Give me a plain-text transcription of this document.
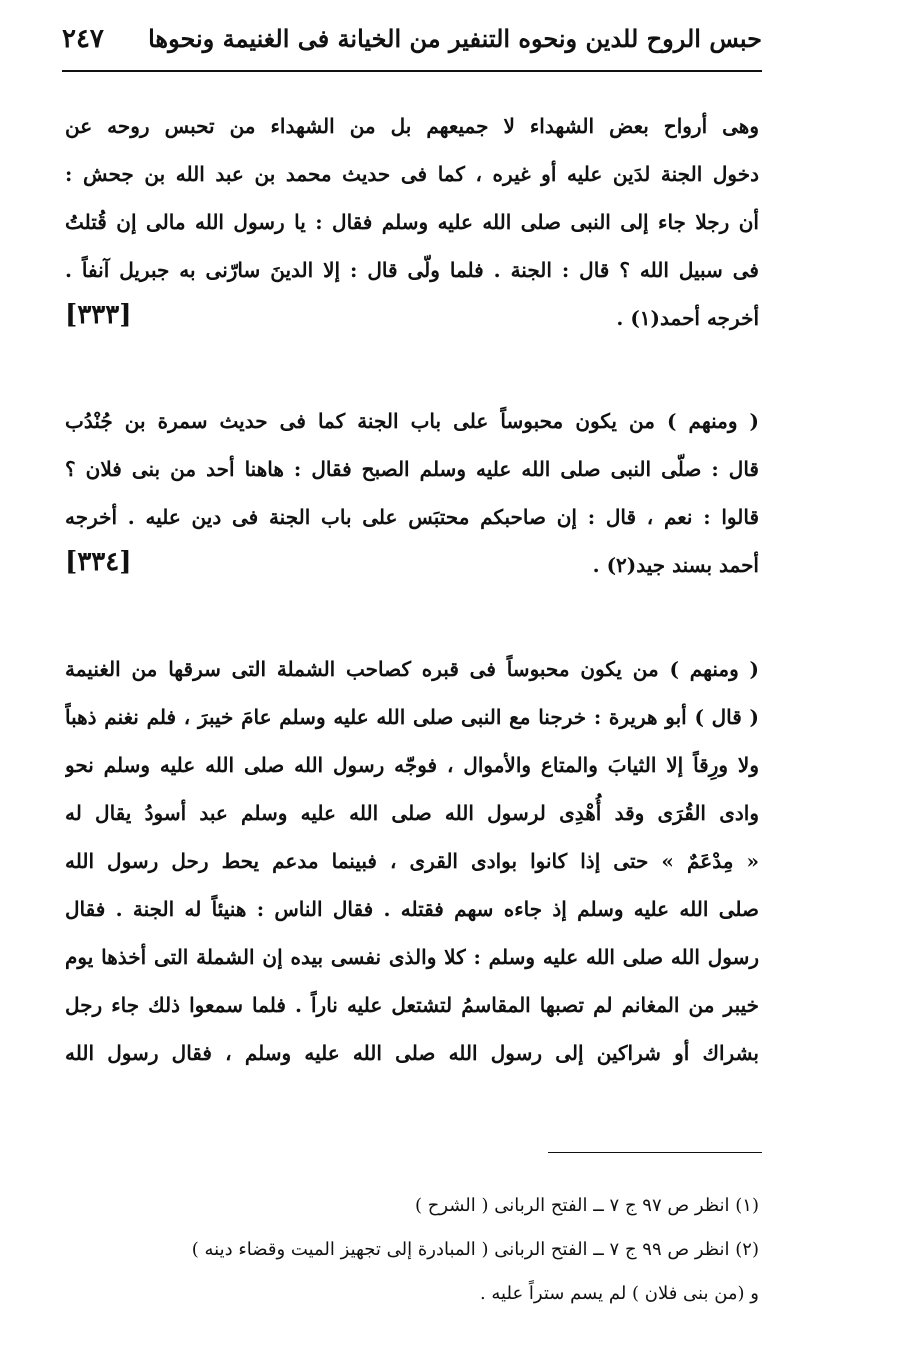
حبس الروح للدين ونحوه التنفير من الخيانة فى الغنيمة ونحوها
٢٤٧
وهى أرواح بعض الشهداء لا جميعهم بل من الشهداء من تحبس روحه عن
دخول الجنة لدَين عليه أو غيره ، كما فى حديث محمد بن عبد الله بن جحش :
أن رجلا جاء إلى النبى صلى الله عليه وسلم فقال : يا رسول الله مالى إن قُتلتُ
فى سبيل الله ؟ قال : الجنة . فلما ولّى قال : إلا الدينَ سارّنى به جبريل آنفاً .
أخرجه أحمد(١) .
[٣٣٣]
( ومنهم ) من يكون محبوساً على باب الجنة كما فى حديث سمرة بن جُنْدُب
قال : صلّى النبى صلى الله عليه وسلم الصبح فقال : هاهنا أحد من بنى فلان ؟
قالوا : نعم ، قال : إن صاحبكم محتبَس على باب الجنة فى دين عليه . أخرجه
أحمد بسند جيد(٢) .
[٣٣٤]
( ومنهم ) من يكون محبوساً فى قبره كصاحب الشملة التى سرقها من الغنيمة
( قال ) أبو هريرة : خرجنا مع النبى صلى الله عليه وسلم عامَ خيبرَ ، فلم نغنم ذهباً
ولا ورِقاً إلا الثيابَ والمتاع والأموال ، فوجّه رسول الله صلى الله عليه وسلم نحو
وادى القُرَى وقد أُهْدِى لرسول الله صلى الله عليه وسلم عبد أسودُ يقال له
« مِدْعَمٌ » حتى إذا كانوا بوادى القرى ، فبينما مدعم يحط رحل رسول الله
صلى الله عليه وسلم إذ جاءه سهم فقتله . فقال الناس : هنيئاً له الجنة . فقال
رسول الله صلى الله عليه وسلم : كلا والذى نفسى بيده إن الشملة التى أخذها يوم
خيبر من المغانم لم تصبها المقاسمُ لتشتعل عليه ناراً . فلما سمعوا ذلك جاء رجل
بشراك أو شراكين إلى رسول الله صلى الله عليه وسلم ، فقال رسول الله
(١) انظر ص ٩٧ ج ٧ ــ الفتح الربانى ( الشرح )
(٢) انظر ص ٩٩ ج ٧ ــ الفتح الربانى ( المبادرة إلى تجهيز الميت وقضاء دينه )
و (من بنى فلان ) لم يسم ستراً عليه .
